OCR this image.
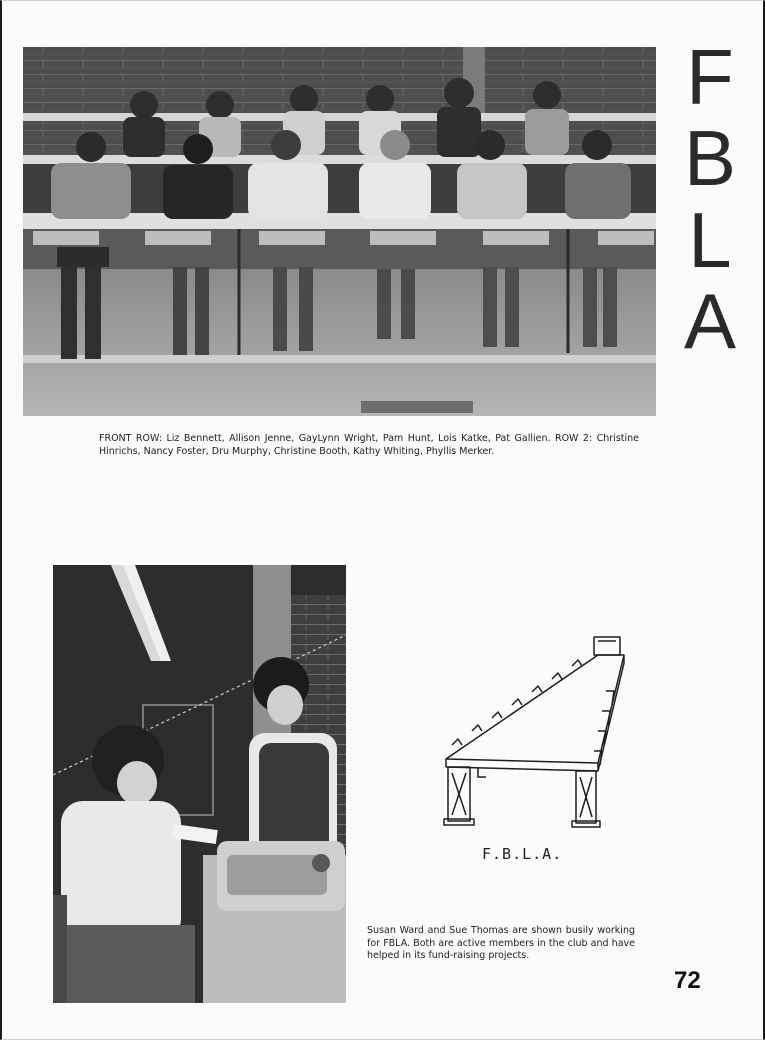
F
B
L
A
FRONT ROW: Liz Bennett, Allison Jenne, GayLynn Wright, Pam Hunt, Lois Katke, Pat Gallien. ROW 2: Christine Hinrichs, Nancy Foster, Dru Murphy, Christine Booth, Kathy Whiting, Phyllis Merker.
F.B.L.A.
Susan Ward and Sue Thomas are shown busily working for FBLA. Both are active members in the club and have helped in its fund-raising projects.
72
